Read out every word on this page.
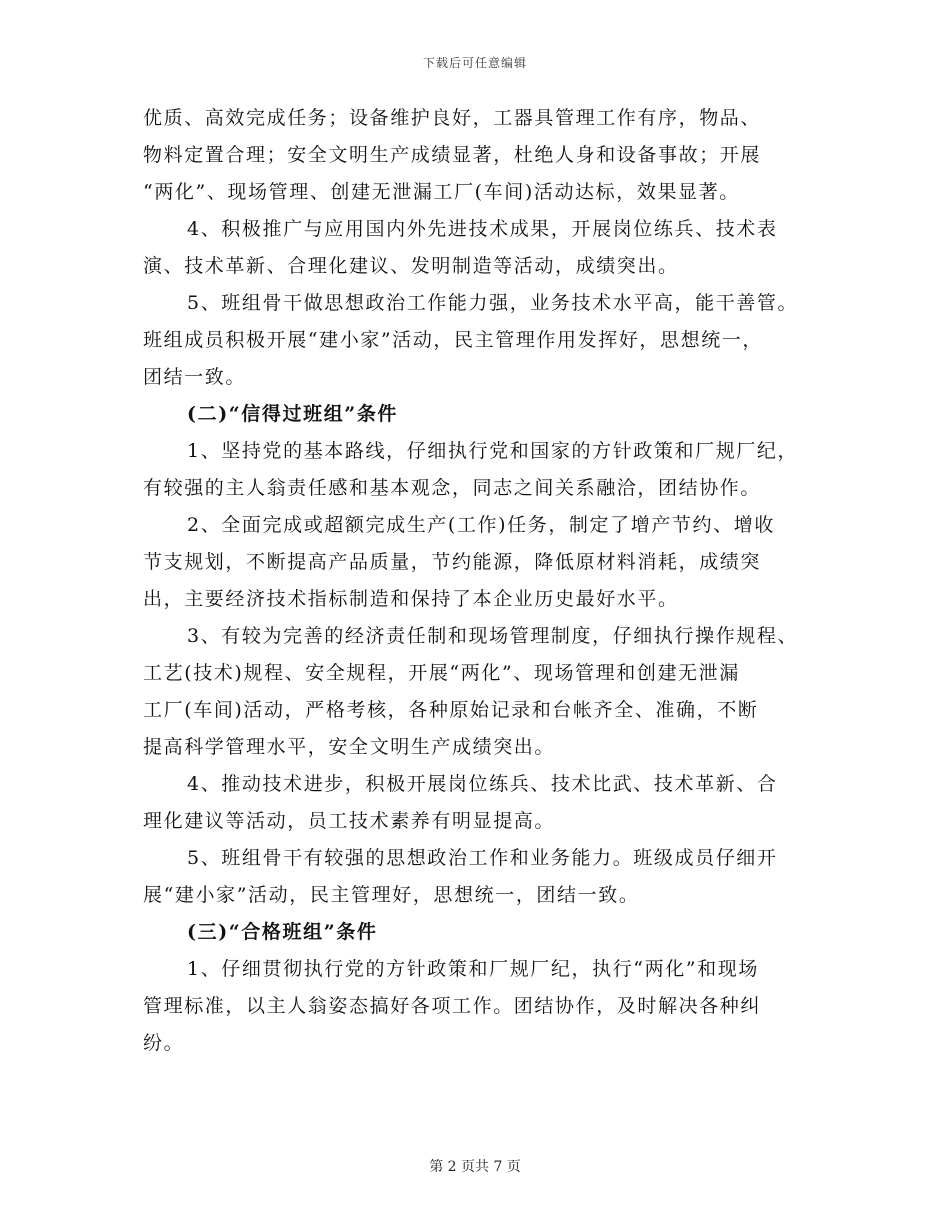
下载后可任意编辑
优质、高效完成任务；设备维护良好，工器具管理工作有序，物品、
物料定置合理；安全文明生产成绩显著，杜绝人身和设备事故；开展
“两化”、现场管理、创建无泄漏工厂(车间)活动达标，效果显著。
4、积极推广与应用国内外先进技术成果，开展岗位练兵、技术表
演、技术革新、合理化建议、发明制造等活动，成绩突出。
5、班组骨干做思想政治工作能力强，业务技术水平高，能干善管。
班组成员积极开展“建小家”活动，民主管理作用发挥好，思想统一，
团结一致。
(二)“信得过班组”条件
1、坚持党的基本路线，仔细执行党和国家的方针政策和厂规厂纪，
有较强的主人翁责任感和基本观念，同志之间关系融洽，团结协作。
2、全面完成或超额完成生产(工作)任务，制定了增产节约、增收
节支规划，不断提高产品质量，节约能源，降低原材料消耗，成绩突
出，主要经济技术指标制造和保持了本企业历史最好水平。
3、有较为完善的经济责任制和现场管理制度，仔细执行操作规程、
工艺(技术)规程、安全规程，开展“两化”、现场管理和创建无泄漏
工厂(车间)活动，严格考核，各种原始记录和台帐齐全、准确，不断
提高科学管理水平，安全文明生产成绩突出。
4、推动技术进步，积极开展岗位练兵、技术比武、技术革新、合
理化建议等活动，员工技术素养有明显提高。
5、班组骨干有较强的思想政治工作和业务能力。班级成员仔细开
展“建小家”活动，民主管理好，思想统一，团结一致。
(三)“合格班组”条件
1、仔细贯彻执行党的方针政策和厂规厂纪，执行“两化”和现场
管理标准，以主人翁姿态搞好各项工作。团结协作，及时解决各种纠
纷。
第 2 页共 7 页
